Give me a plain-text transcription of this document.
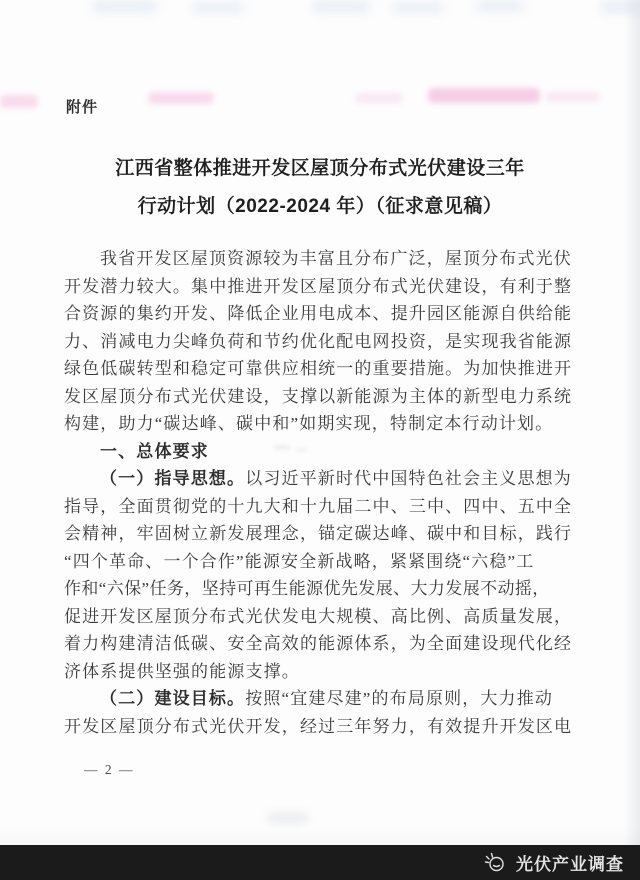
附件
江西省整体推进开发区屋顶分布式光伏建设三年
行动计划（2022-2024 年）（征求意见稿）
我省开发区屋顶资源较为丰富且分布广泛，屋顶分布式光伏
开发潜力较大。集中推进开发区屋顶分布式光伏建设，有利于整
合资源的集约开发、降低企业用电成本、提升园区能源自供给能
力、消减电力尖峰负荷和节约优化配电网投资，是实现我省能源
绿色低碳转型和稳定可靠供应相统一的重要措施。为加快推进开
发区屋顶分布式光伏建设，支撑以新能源为主体的新型电力系统
构建，助力“碳达峰、碳中和”如期实现，特制定本行动计划。
一、总体要求
（一）指导思想。以习近平新时代中国特色社会主义思想为
指导，全面贯彻党的十九大和十九届二中、三中、四中、五中全
会精神，牢固树立新发展理念，锚定碳达峰、碳中和目标，践行
“四个革命、一个合作”能源安全新战略，紧紧围绕“六稳”工
作和“六保”任务，坚持可再生能源优先发展、大力发展不动摇，
促进开发区屋顶分布式光伏发电大规模、高比例、高质量发展，
着力构建清洁低碳、安全高效的能源体系，为全面建设现代化经
济体系提供坚强的能源支撑。
（二）建设目标。按照“宜建尽建”的布局原则，大力推动
开发区屋顶分布式光伏开发，经过三年努力，有效提升开发区电
— 2 —
光伏产业调查
